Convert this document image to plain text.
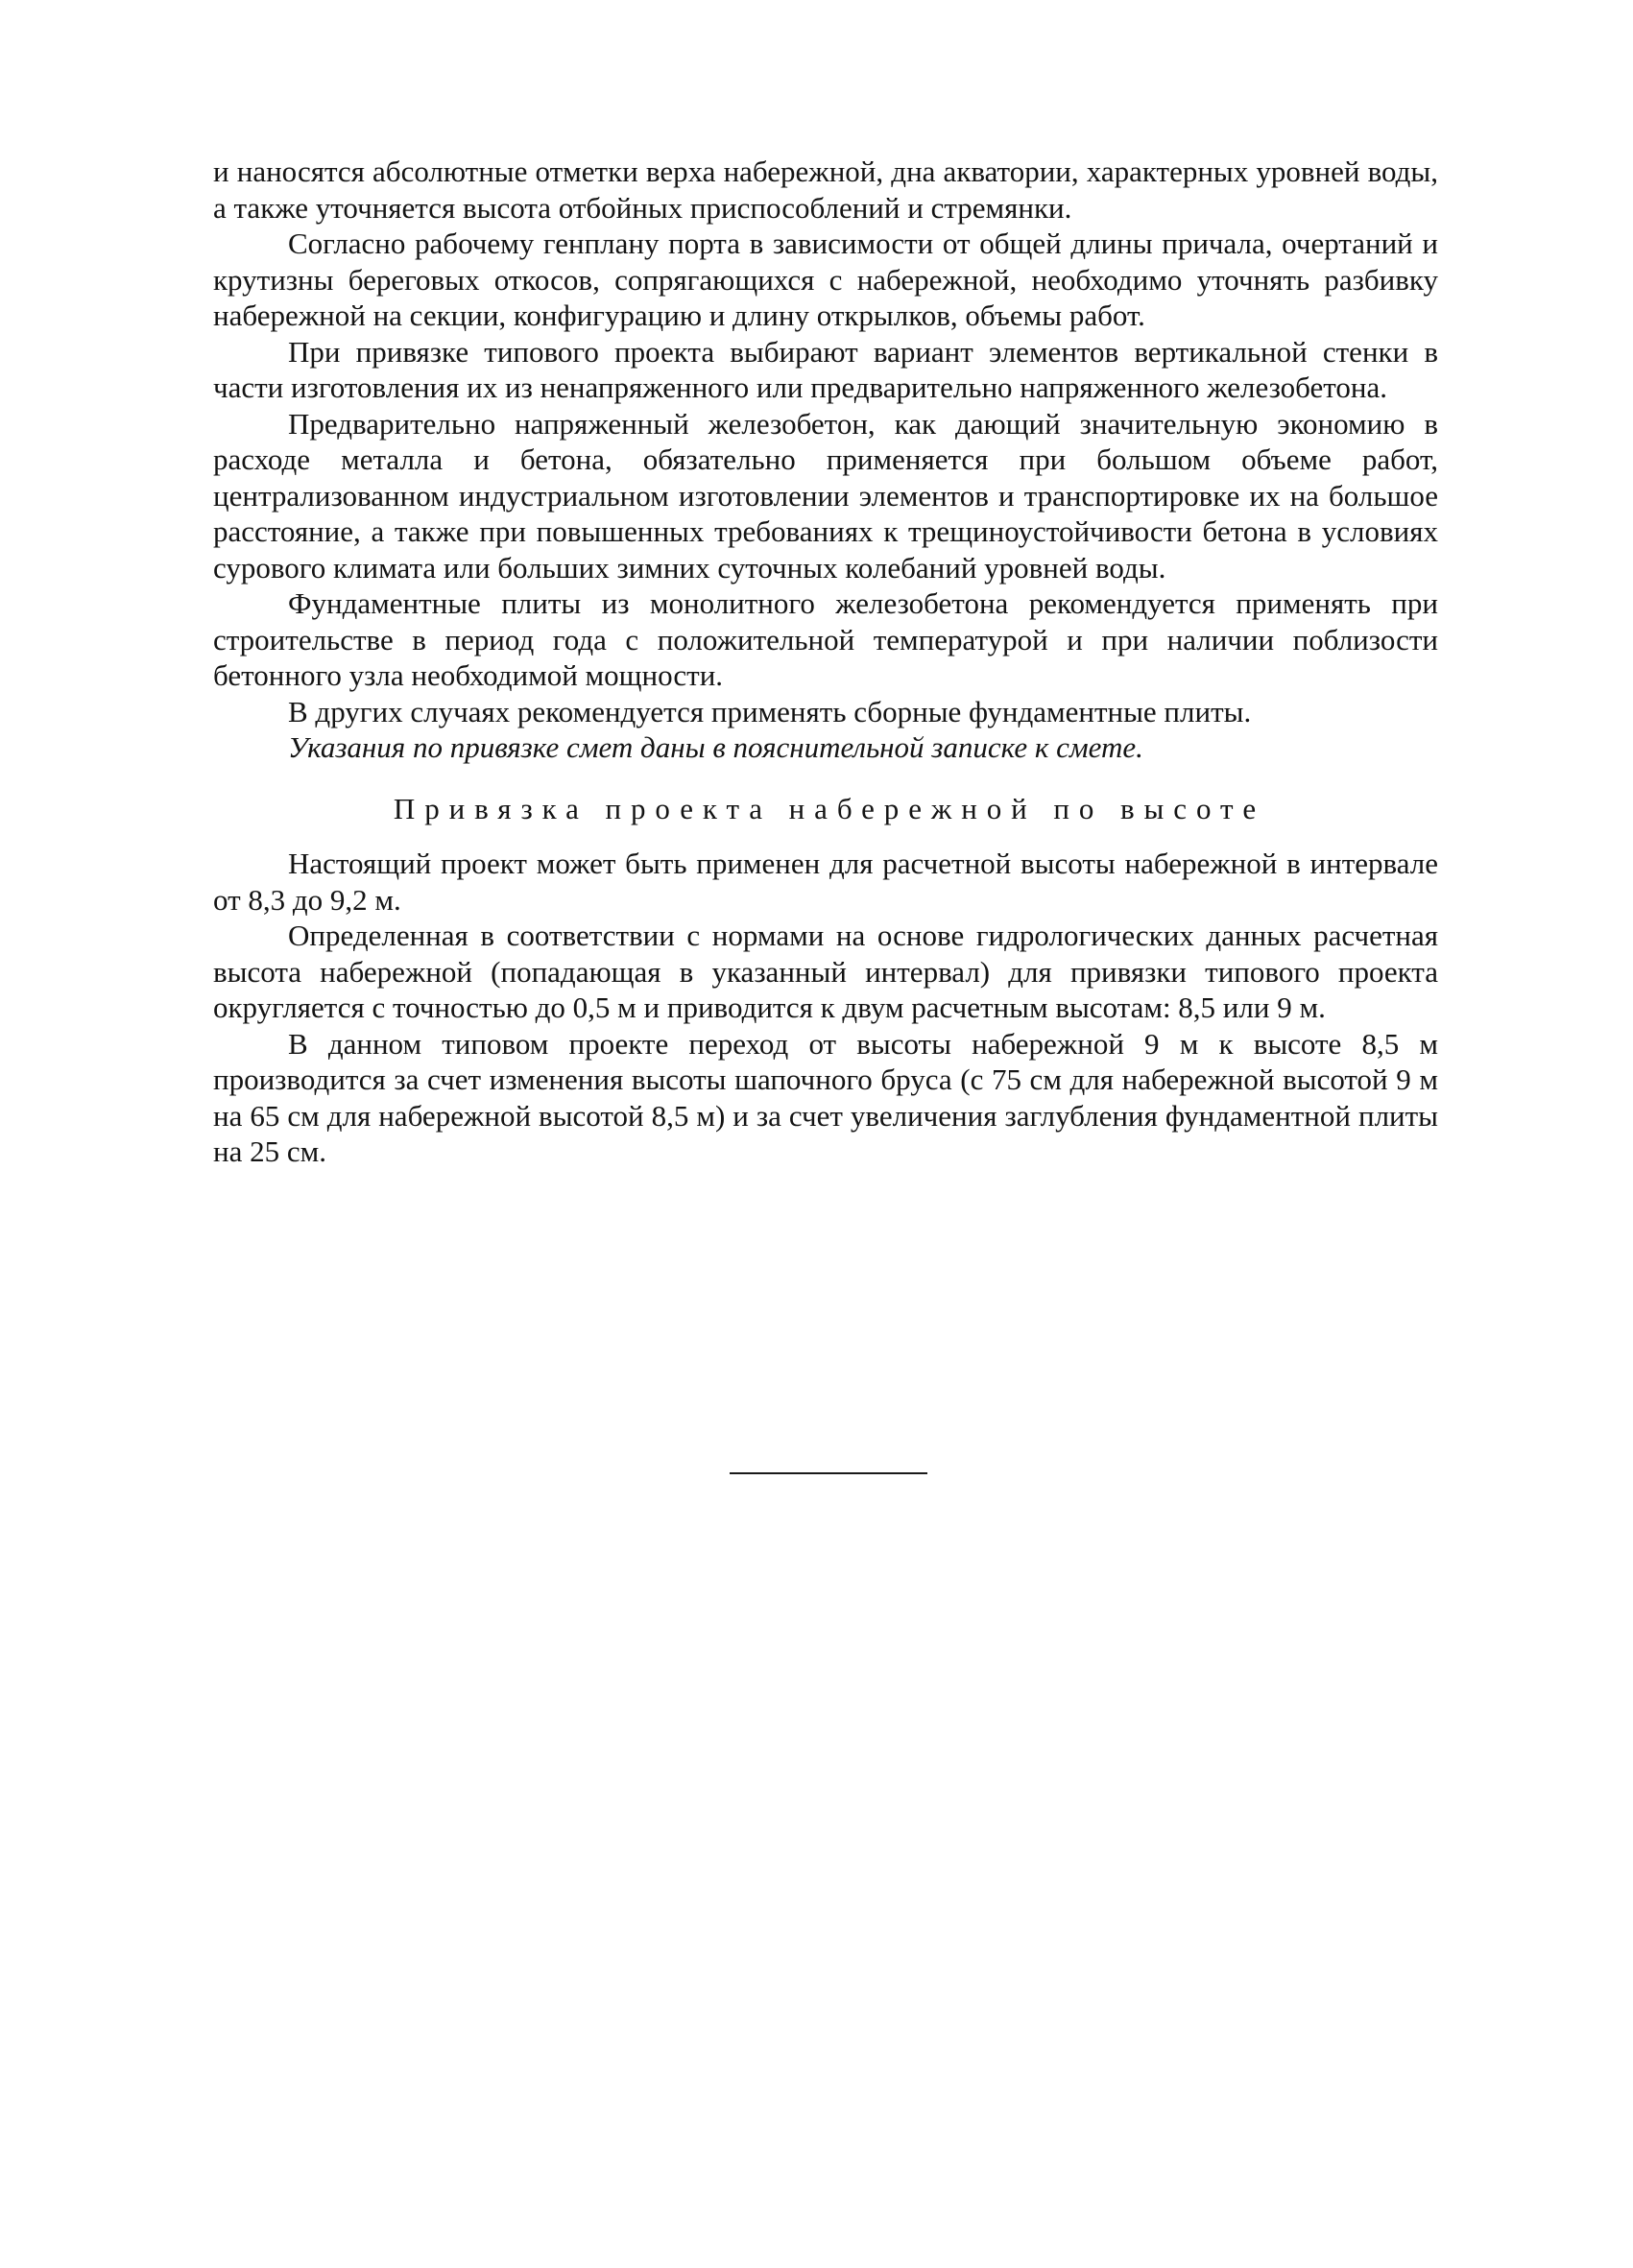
и наносятся абсолютные отметки верха набережной, дна акватории, характерных уровней воды, а также уточняется высота отбойных приспособлений и стремянки.

Согласно рабочему генплану порта в зависимости от общей длины причала, очертаний и крутизны береговых откосов, сопрягающихся с набережной, необходимо уточнять разбивку набережной на секции, конфигурацию и длину открылков, объемы работ.

При привязке типового проекта выбирают вариант элементов вертикальной стенки в части изготовления их из ненапряженного или предварительно напряженного железобетона.

Предварительно напряженный железобетон, как дающий значительную экономию в расходе металла и бетона, обязательно применяется при большом объеме работ, централизованном индустриальном изготовлении элементов и транспортировке их на большое расстояние, а также при повышенных требованиях к трещиноустойчивости бетона в условиях сурового климата или больших зимних суточных колебаний уровней воды.

Фундаментные плиты из монолитного железобетона рекомендуется применять при строительстве в период года с положительной температурой и при наличии поблизости бетонного узла необходимой мощности.

В других случаях рекомендуется применять сборные фундаментные плиты.

Указания по привязке смет даны в пояснительной записке к смете.

Привязка проекта набережной по высоте

Настоящий проект может быть применен для расчетной высоты набережной в интервале от 8,3 до 9,2 м.

Определенная в соответствии с нормами на основе гидрологических данных расчетная высота набережной (попадающая в указанный интервал) для привязки типового проекта округляется с точностью до 0,5 м и приводится к двум расчетным высотам: 8,5 или 9 м.

В данном типовом проекте переход от высоты набережной 9 м к высоте 8,5 м производится за счет изменения высоты шапочного бруса (с 75 см для набережной высотой 9 м на 65 см для набережной высотой 8,5 м) и за счет увеличения заглубления фундаментной плиты на 25 см.
